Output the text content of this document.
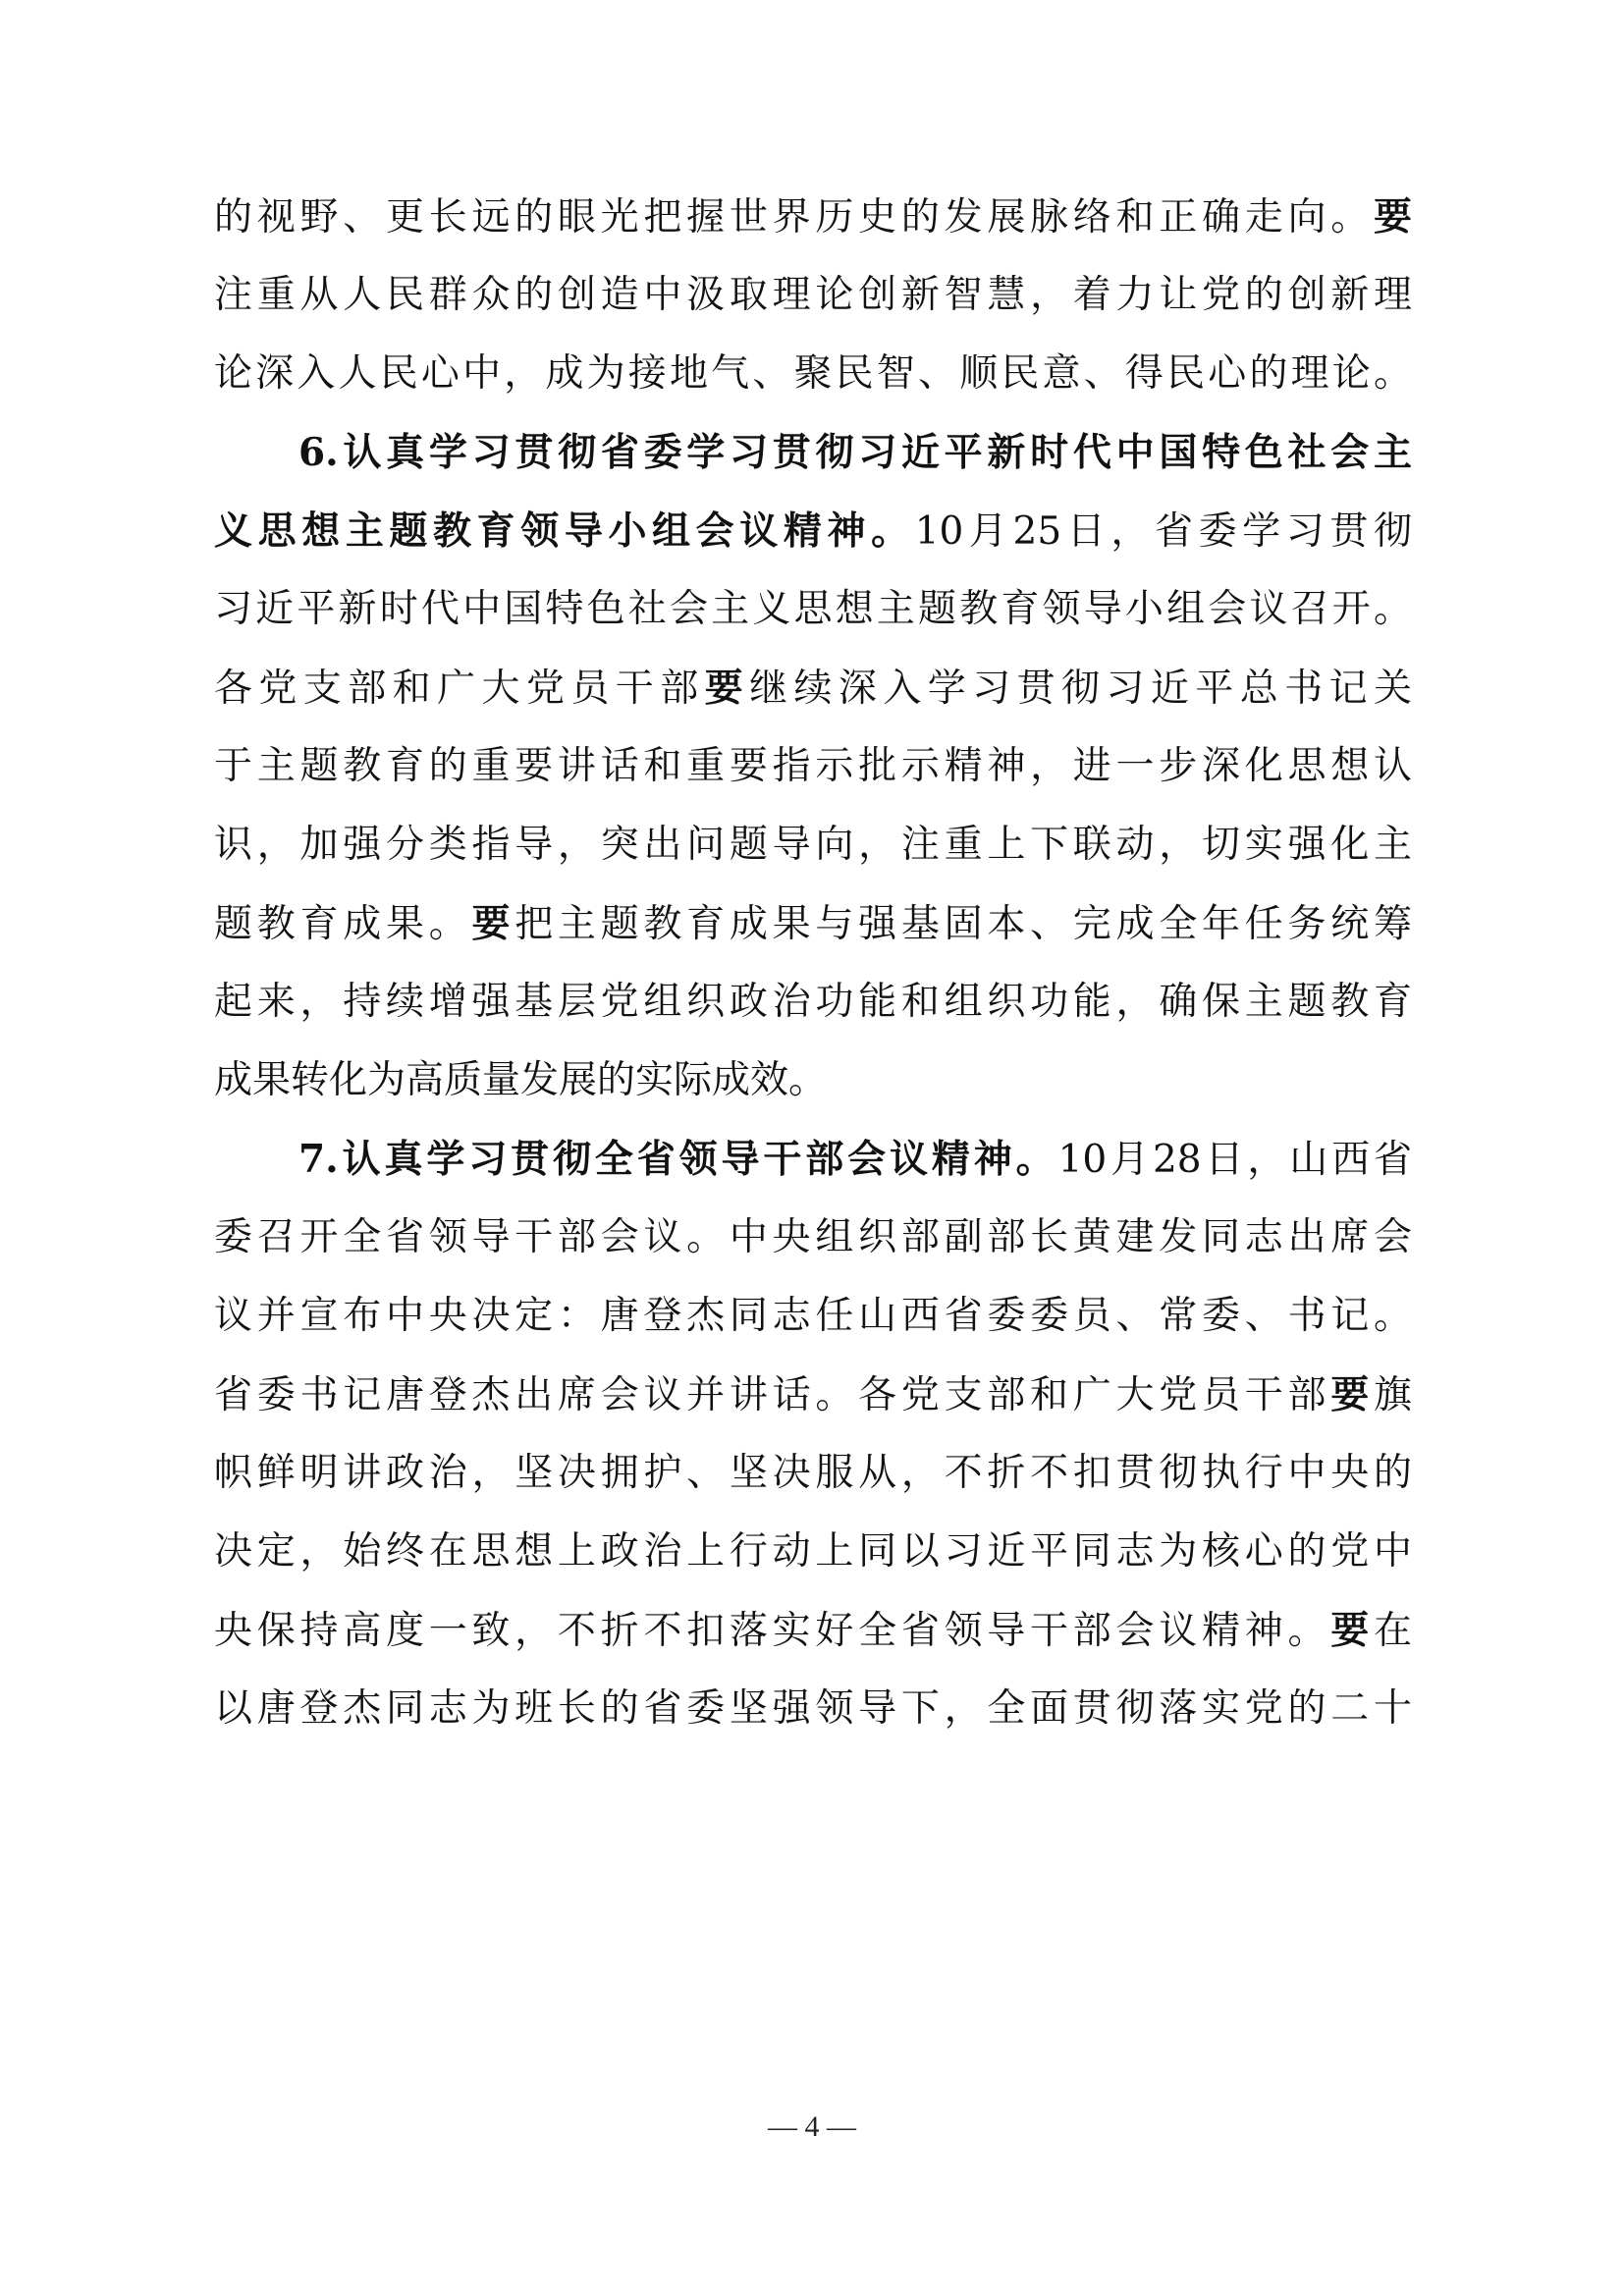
的视野、更长远的眼光把握世界历史的发展脉络和正确走向。要
注重从人民群众的创造中汲取理论创新智慧，着力让党的创新理
论深入人民心中，成为接地气、聚民智、顺民意、得民心的理论。
6.认真学习贯彻省委学习贯彻习近平新时代中国特色社会主
义思想主题教育领导小组会议精神。10月25日，省委学习贯彻
习近平新时代中国特色社会主义思想主题教育领导小组会议召开。
各党支部和广大党员干部要继续深入学习贯彻习近平总书记关
于主题教育的重要讲话和重要指示批示精神，进一步深化思想认
识，加强分类指导，突出问题导向，注重上下联动，切实强化主
题教育成果。要把主题教育成果与强基固本、完成全年任务统筹
起来，持续增强基层党组织政治功能和组织功能，确保主题教育
成果转化为高质量发展的实际成效。
7.认真学习贯彻全省领导干部会议精神。10月28日，山西省
委召开全省领导干部会议。中央组织部副部长黄建发同志出席会
议并宣布中央决定：唐登杰同志任山西省委委员、常委、书记。
省委书记唐登杰出席会议并讲话。各党支部和广大党员干部要旗
帜鲜明讲政治，坚决拥护、坚决服从，不折不扣贯彻执行中央的
决定，始终在思想上政治上行动上同以习近平同志为核心的党中
央保持高度一致，不折不扣落实好全省领导干部会议精神。要在
以唐登杰同志为班长的省委坚强领导下，全面贯彻落实党的二十
— 4 —
